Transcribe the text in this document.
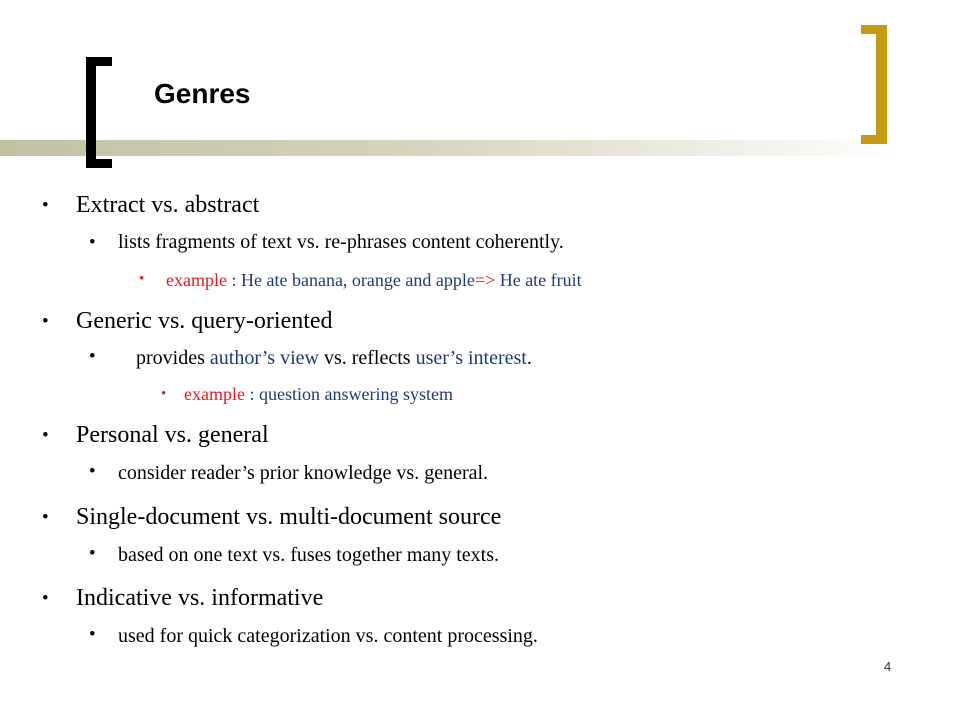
Genres
• Extract vs. abstract
• lists fragments of text vs. re-phrases content coherently.
• example : He ate banana, orange and apple=> He ate fruit
• Generic vs. query-oriented
• provides author’s view vs. reflects user’s interest.
• example : question answering system
• Personal vs. general
• consider reader’s prior knowledge vs. general.
• Single-document vs. multi-document source
• based on one text vs. fuses together many texts.
• Indicative vs. informative
• used for quick categorization vs. content processing.
4
